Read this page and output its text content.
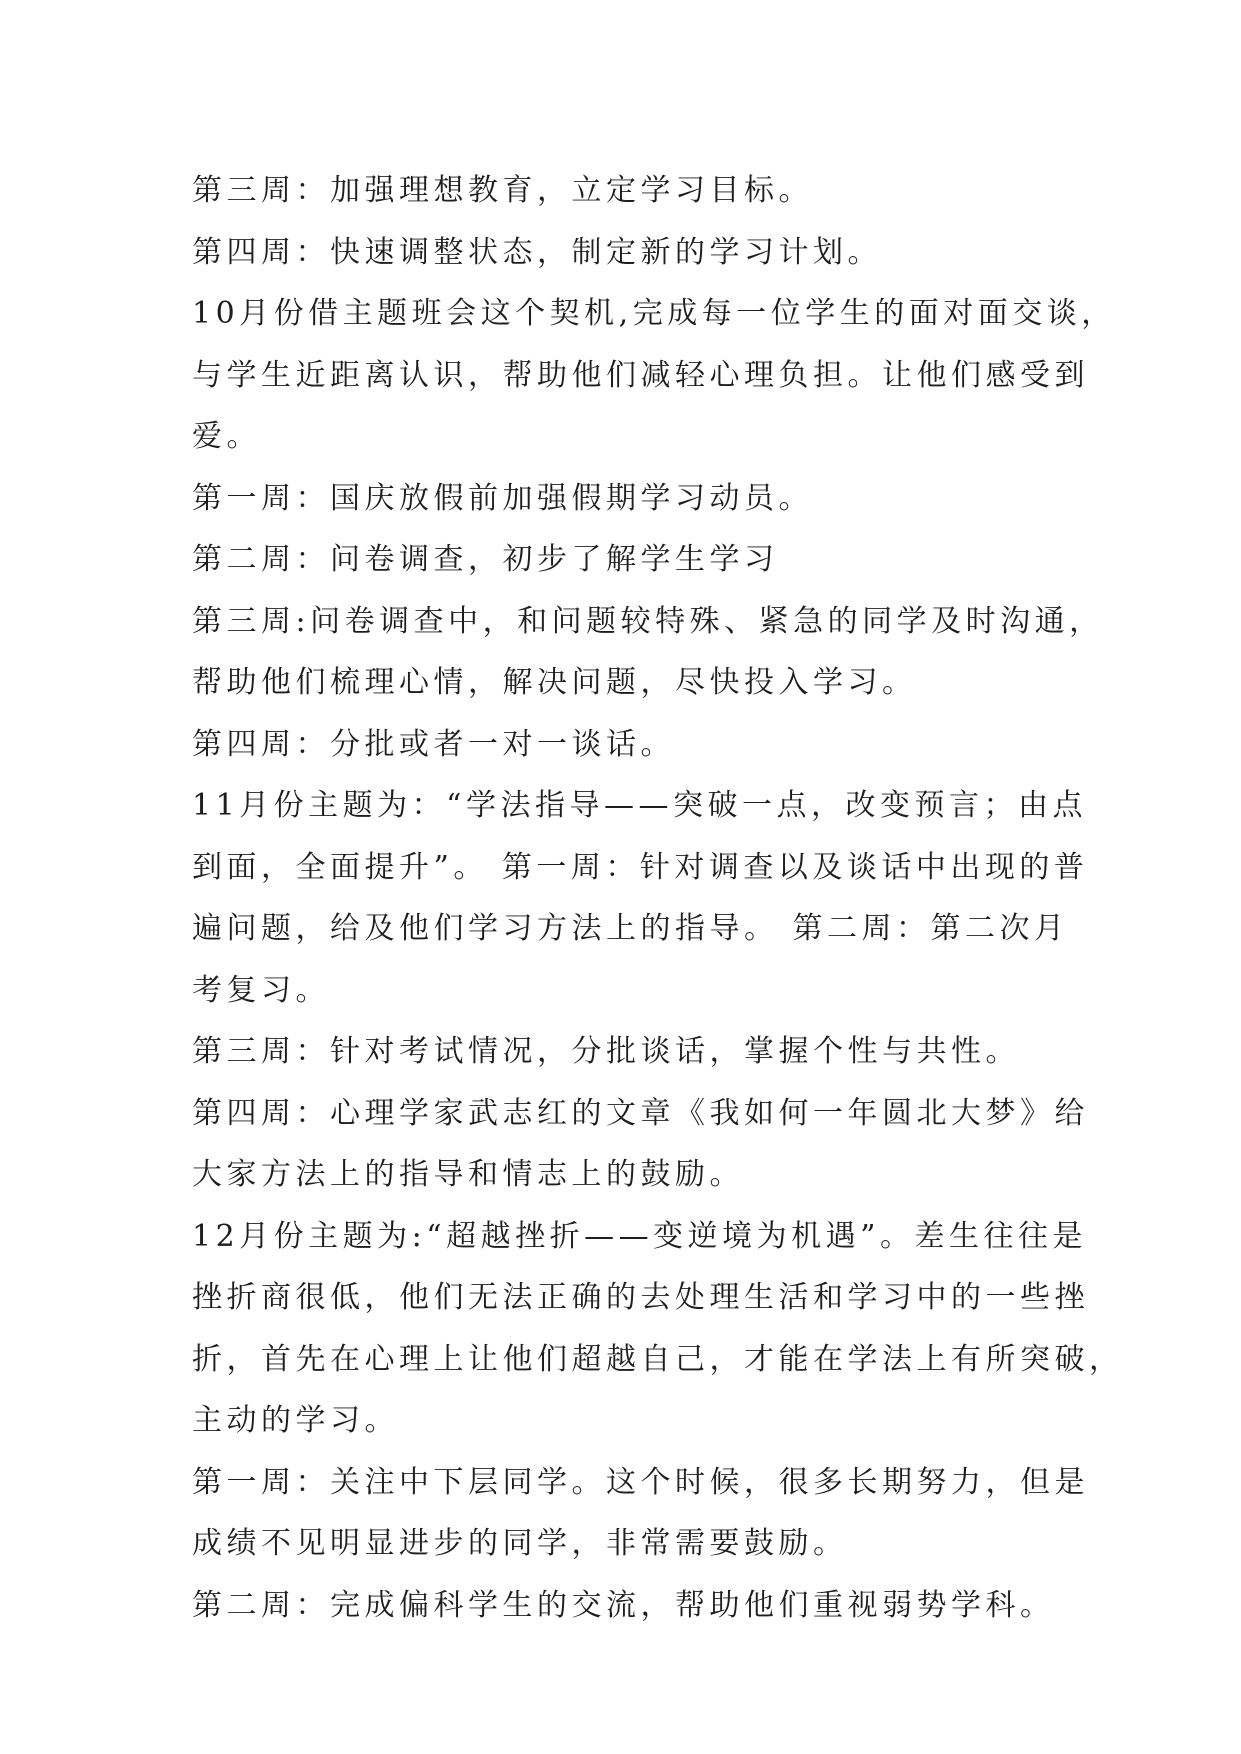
第三周：加强理想教育，立定学习目标。
第四周：快速调整状态，制定新的学习计划。
10月份借主题班会这个契机,完成每一位学生的面对面交谈，
与学生近距离认识，帮助他们减轻心理负担。让他们感受到
爱。
第一周：国庆放假前加强假期学习动员。
第二周：问卷调查，初步了解学生学习
第三周:问卷调查中，和问题较特殊、紧急的同学及时沟通，
帮助他们梳理心情，解决问题，尽快投入学习。
第四周：分批或者一对一谈话。
11月份主题为：“学法指导——突破一点，改变预言；由点
到面，全面提升”。 第一周：针对调查以及谈话中出现的普
遍问题，给及他们学习方法上的指导。 第二周：第二次月
考复习。
第三周：针对考试情况，分批谈话，掌握个性与共性。
第四周：心理学家武志红的文章《我如何一年圆北大梦》给
大家方法上的指导和情志上的鼓励。
12月份主题为:“超越挫折——变逆境为机遇”。差生往往是
挫折商很低，他们无法正确的去处理生活和学习中的一些挫
折，首先在心理上让他们超越自己，才能在学法上有所突破，
主动的学习。
第一周：关注中下层同学。这个时候，很多长期努力，但是
成绩不见明显进步的同学，非常需要鼓励。
第二周：完成偏科学生的交流，帮助他们重视弱势学科。
